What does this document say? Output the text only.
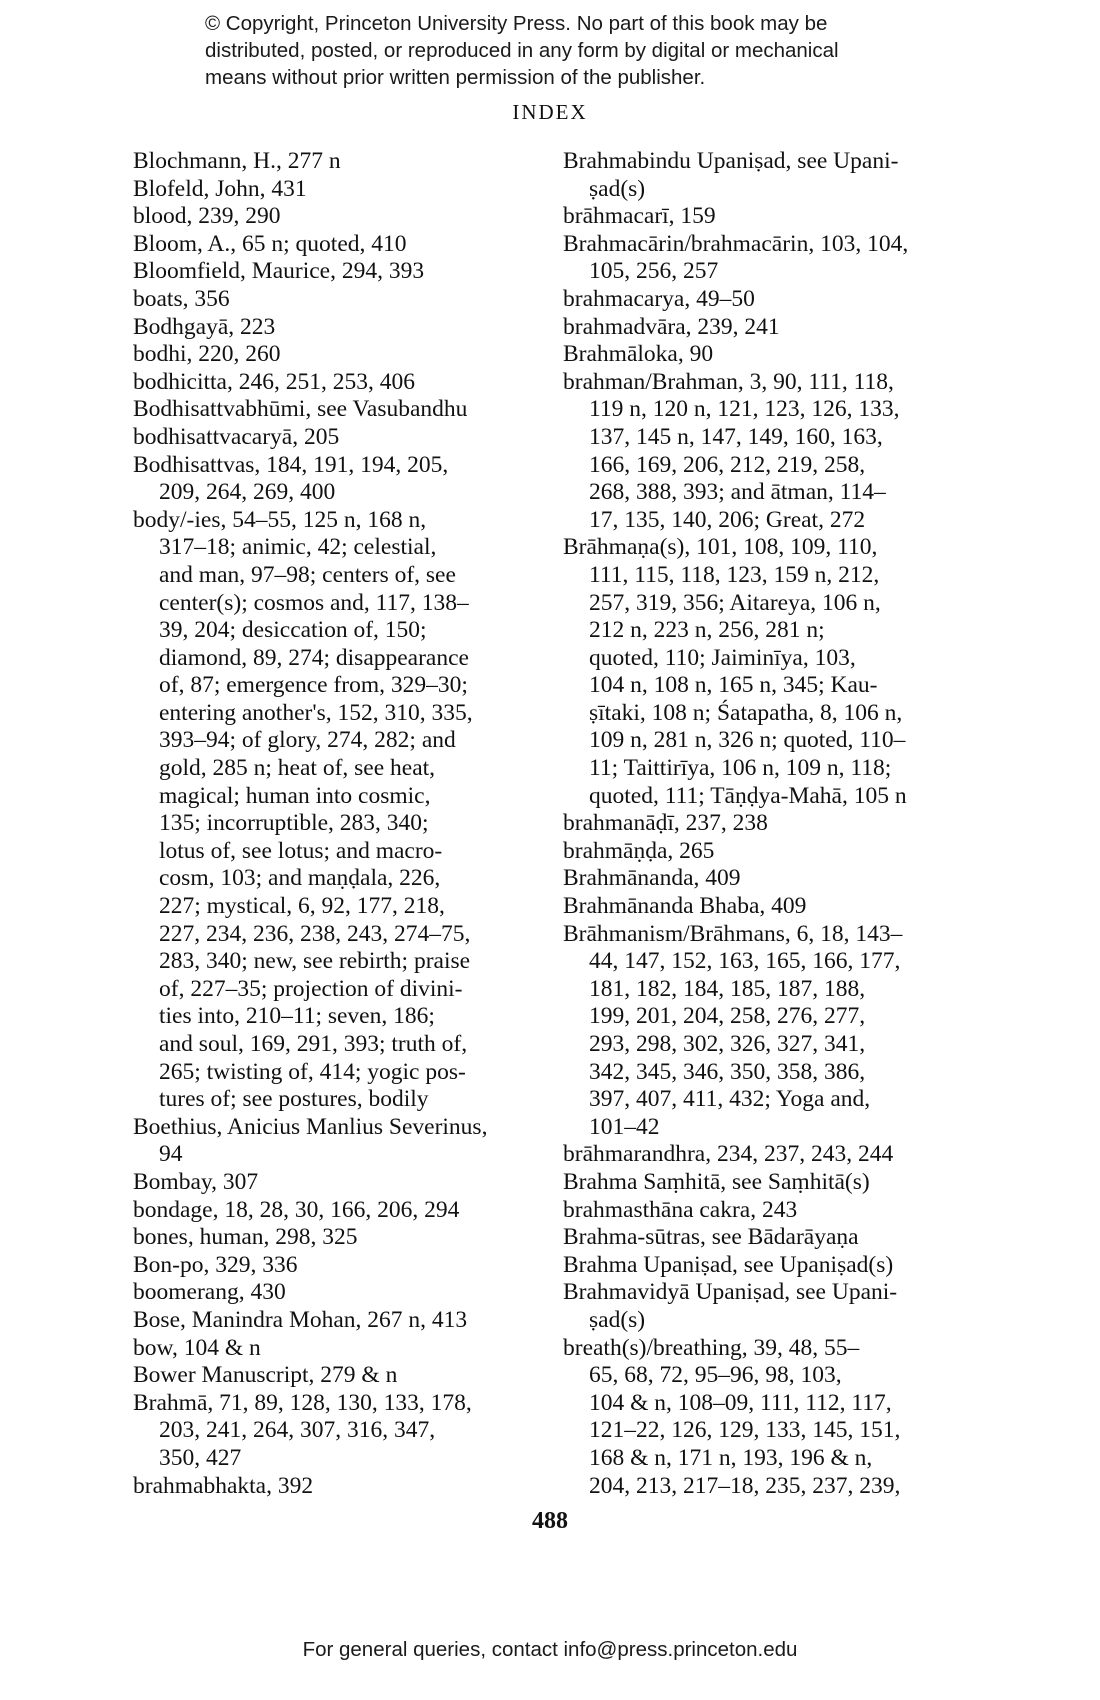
© Copyright, Princeton University Press. No part of this book may be
distributed, posted, or reproduced in any form by digital or mechanical
means without prior written permission of the publisher.
INDEX
Blochmann, H., 277 n
Blofeld, John, 431
blood, 239, 290
Bloom, A., 65 n; quoted, 410
Bloomfield, Maurice, 294, 393
boats, 356
Bodhgayā, 223
bodhi, 220, 260
bodhicitta, 246, 251, 253, 406
Bodhisattvabhūmi, see Vasubandhu
bodhisattvacaryā, 205
Bodhisattvas, 184, 191, 194, 205,
209, 264, 269, 400
body/-ies, 54–55, 125 n, 168 n,
317–18; animic, 42; celestial,
and man, 97–98; centers of, see
center(s); cosmos and, 117, 138–
39, 204; desiccation of, 150;
diamond, 89, 274; disappearance
of, 87; emergence from, 329–30;
entering another's, 152, 310, 335,
393–94; of glory, 274, 282; and
gold, 285 n; heat of, see heat,
magical; human into cosmic,
135; incorruptible, 283, 340;
lotus of, see lotus; and macro-
cosm, 103; and maṇḍala, 226,
227; mystical, 6, 92, 177, 218,
227, 234, 236, 238, 243, 274–75,
283, 340; new, see rebirth; praise
of, 227–35; projection of divini-
ties into, 210–11; seven, 186;
and soul, 169, 291, 393; truth of,
265; twisting of, 414; yogic pos-
tures of; see postures, bodily
Boethius, Anicius Manlius Severinus,
94
Bombay, 307
bondage, 18, 28, 30, 166, 206, 294
bones, human, 298, 325
Bon-po, 329, 336
boomerang, 430
Bose, Manindra Mohan, 267 n, 413
bow, 104 & n
Bower Manuscript, 279 & n
Brahmā, 71, 89, 128, 130, 133, 178,
203, 241, 264, 307, 316, 347,
350, 427
brahmabhakta, 392
Brahmabindu Upaniṣad, see Upani-
ṣad(s)
brāhmacarī, 159
Brahmacārin/brahmacārin, 103, 104,
105, 256, 257
brahmacarya, 49–50
brahmadvāra, 239, 241
Brahmāloka, 90
brahman/Brahman, 3, 90, 111, 118,
119 n, 120 n, 121, 123, 126, 133,
137, 145 n, 147, 149, 160, 163,
166, 169, 206, 212, 219, 258,
268, 388, 393; and ātman, 114–
17, 135, 140, 206; Great, 272
Brāhmaṇa(s), 101, 108, 109, 110,
111, 115, 118, 123, 159 n, 212,
257, 319, 356; Aitareya, 106 n,
212 n, 223 n, 256, 281 n;
quoted, 110; Jaiminīya, 103,
104 n, 108 n, 165 n, 345; Kau-
ṣītaki, 108 n; Śatapatha, 8, 106 n,
109 n, 281 n, 326 n; quoted, 110–
11; Taittirīya, 106 n, 109 n, 118;
quoted, 111; Tāṇḍya-Mahā, 105 n
brahmanāḍī, 237, 238
brahmāṇḍa, 265
Brahmānanda, 409
Brahmānanda Bhaba, 409
Brāhmanism/Brāhmans, 6, 18, 143–
44, 147, 152, 163, 165, 166, 177,
181, 182, 184, 185, 187, 188,
199, 201, 204, 258, 276, 277,
293, 298, 302, 326, 327, 341,
342, 345, 346, 350, 358, 386,
397, 407, 411, 432; Yoga and,
101–42
brāhmarandhra, 234, 237, 243, 244
Brahma Saṃhitā, see Saṃhitā(s)
brahmasthāna cakra, 243
Brahma-sūtras, see Bādarāyaṇa
Brahma Upaniṣad, see Upaniṣad(s)
Brahmavidyā Upaniṣad, see Upani-
ṣad(s)
breath(s)/breathing, 39, 48, 55–
65, 68, 72, 95–96, 98, 103,
104 & n, 108–09, 111, 112, 117,
121–22, 126, 129, 133, 145, 151,
168 & n, 171 n, 193, 196 & n,
204, 213, 217–18, 235, 237, 239,
488
For general queries, contact info@press.princeton.edu
